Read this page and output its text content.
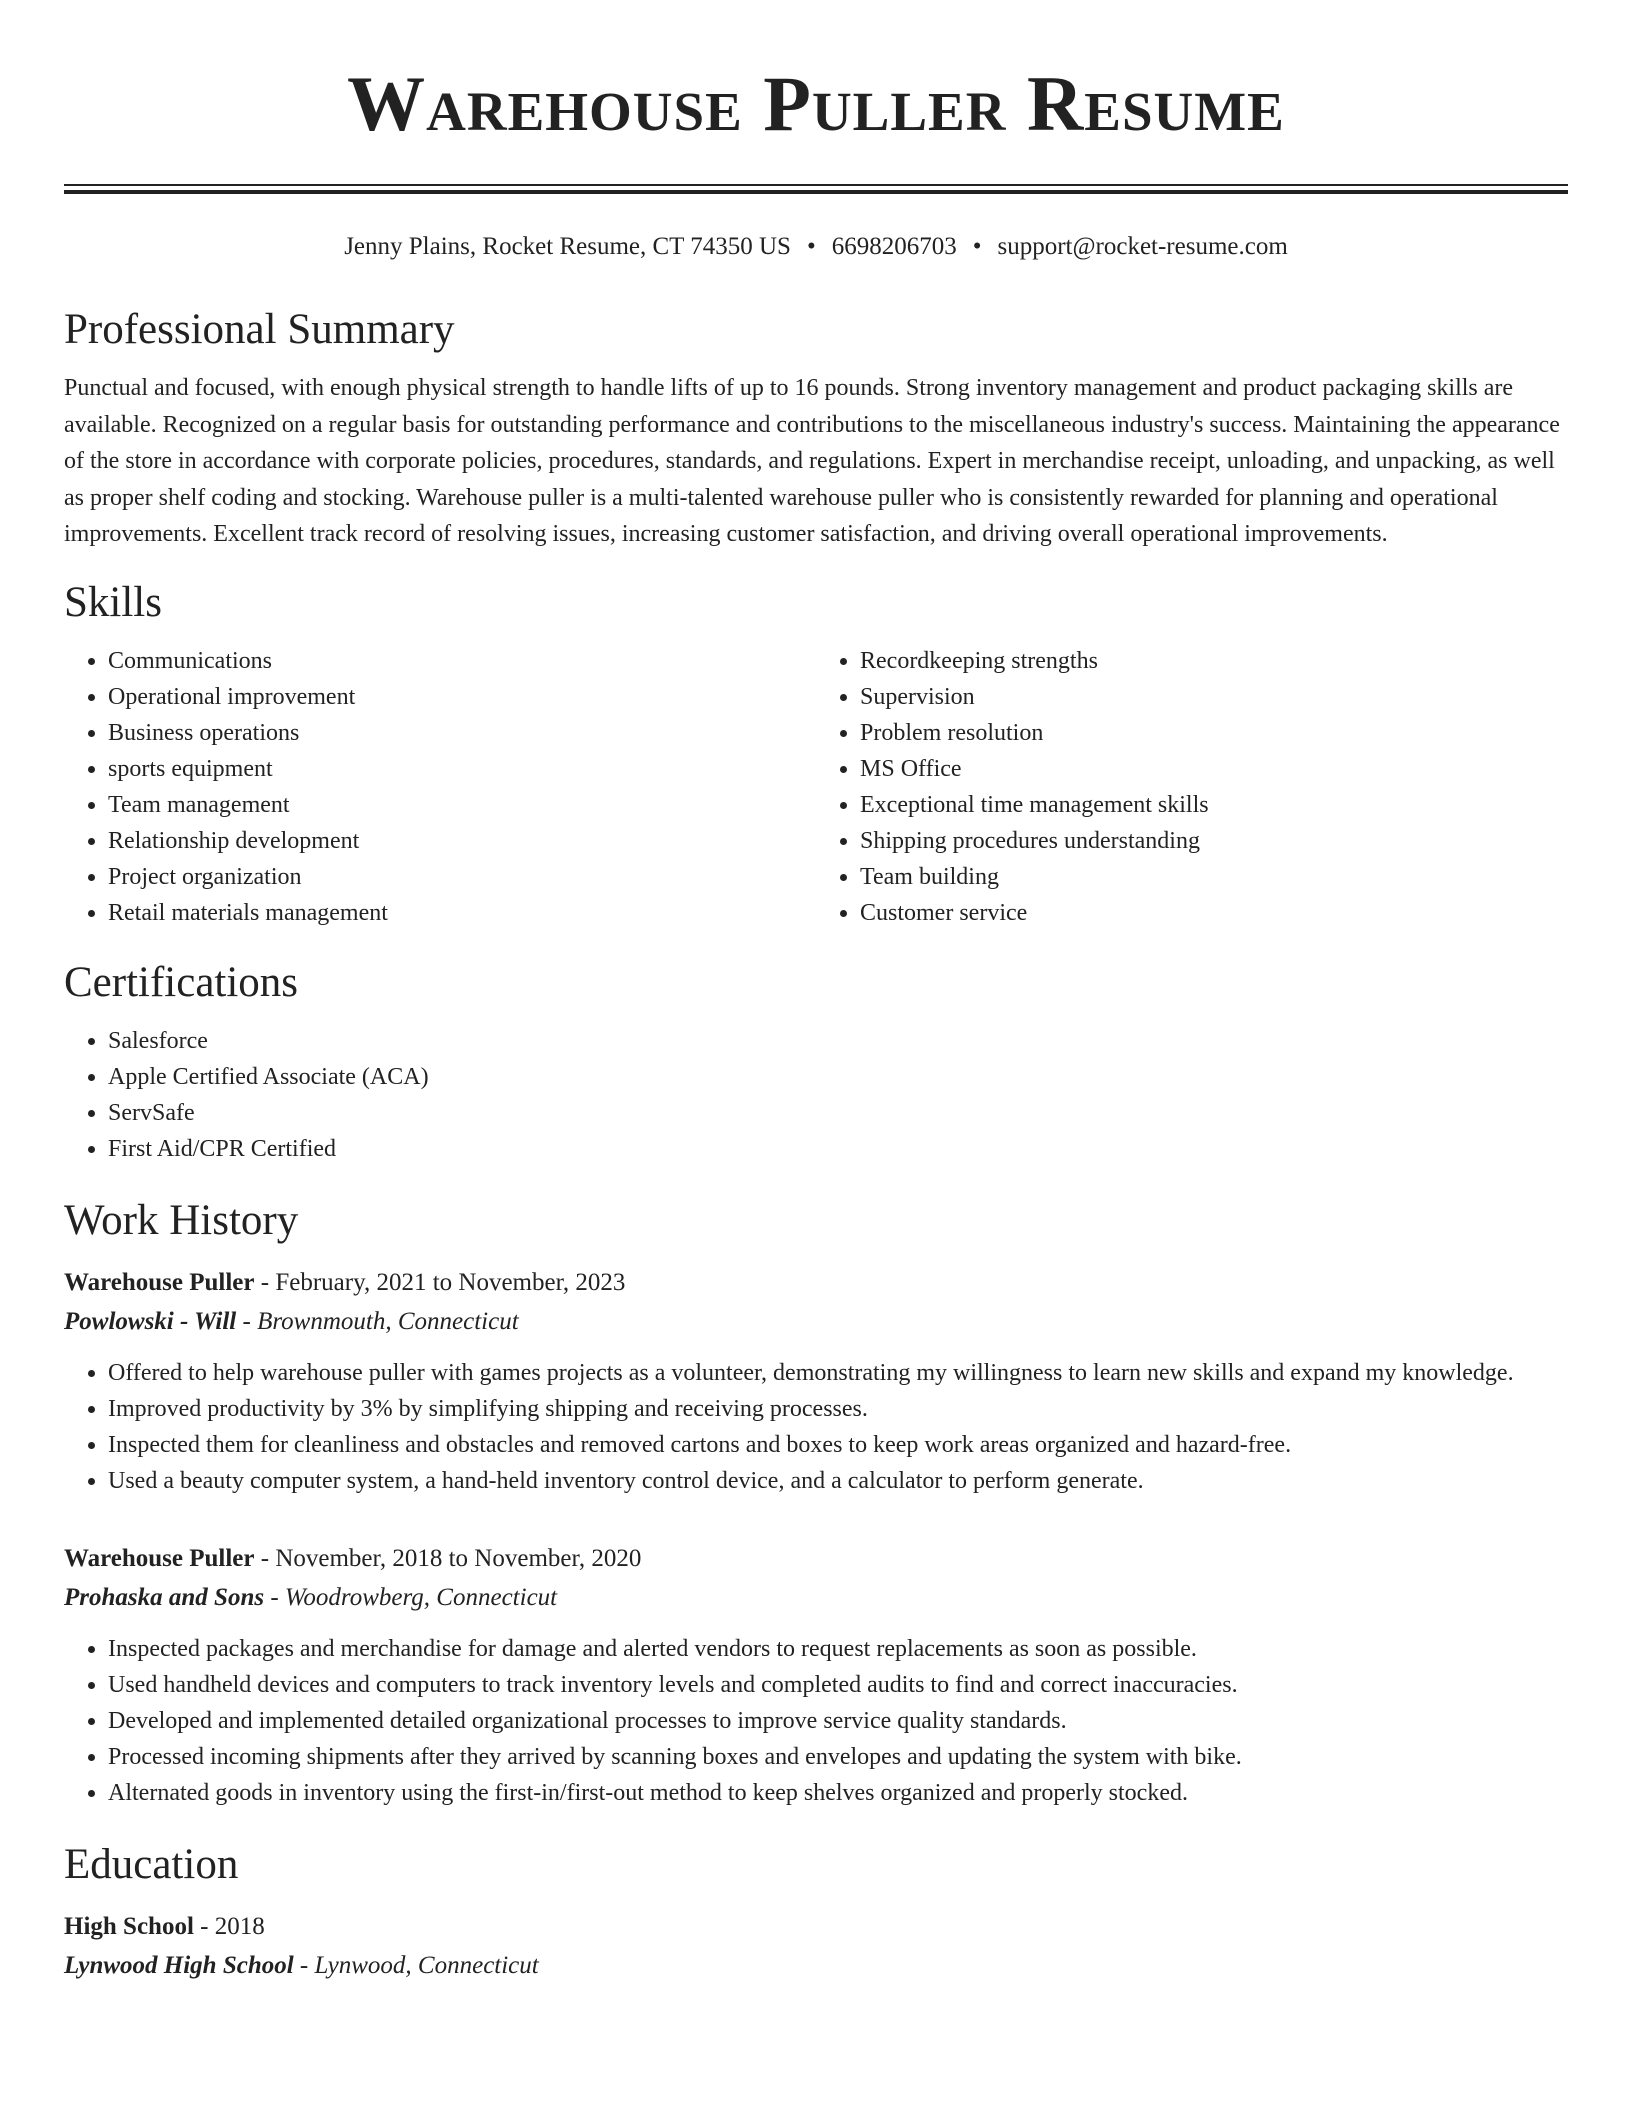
Warehouse Puller Resume
Jenny Plains, Rocket Resume, CT 74350 US • 6698206703 • support@rocket-resume.com
Professional Summary

Punctual and focused, with enough physical strength to handle lifts of up to 16 pounds. Strong inventory management and product packaging skills are available. Recognized on a regular basis for outstanding performance and contributions to the miscellaneous industry's success. Maintaining the appearance of the store in accordance with corporate policies, procedures, standards, and regulations. Expert in merchandise receipt, unloading, and unpacking, as well as proper shelf coding and stocking. Warehouse puller is a multi-talented warehouse puller who is consistently rewarded for planning and operational improvements. Excellent track record of resolving issues, increasing customer satisfaction, and driving overall operational improvements.

Skills
• Communications
• Operational improvement
• Business operations
• sports equipment
• Team management
• Relationship development
• Project organization
• Retail materials management
• Recordkeeping strengths
• Supervision
• Problem resolution
• MS Office
• Exceptional time management skills
• Shipping procedures understanding
• Team building
• Customer service
Certifications
• Salesforce
• Apple Certified Associate (ACA)
• ServSafe
• First Aid/CPR Certified
Work History
Warehouse Puller - February, 2021 to November, 2023
Powlowski - Will - Brownmouth, Connecticut
• Offered to help warehouse puller with games projects as a volunteer, demonstrating my willingness to learn new skills and expand my knowledge.
• Improved productivity by 3% by simplifying shipping and receiving processes.
• Inspected them for cleanliness and obstacles and removed cartons and boxes to keep work areas organized and hazard-free.
• Used a beauty computer system, a hand-held inventory control device, and a calculator to perform generate.
Warehouse Puller - November, 2018 to November, 2020
Prohaska and Sons - Woodrowberg, Connecticut
• Inspected packages and merchandise for damage and alerted vendors to request replacements as soon as possible.
• Used handheld devices and computers to track inventory levels and completed audits to find and correct inaccuracies.
• Developed and implemented detailed organizational processes to improve service quality standards.
• Processed incoming shipments after they arrived by scanning boxes and envelopes and updating the system with bike.
• Alternated goods in inventory using the first-in/first-out method to keep shelves organized and properly stocked.
Education
High School - 2018
Lynwood High School - Lynwood, Connecticut
